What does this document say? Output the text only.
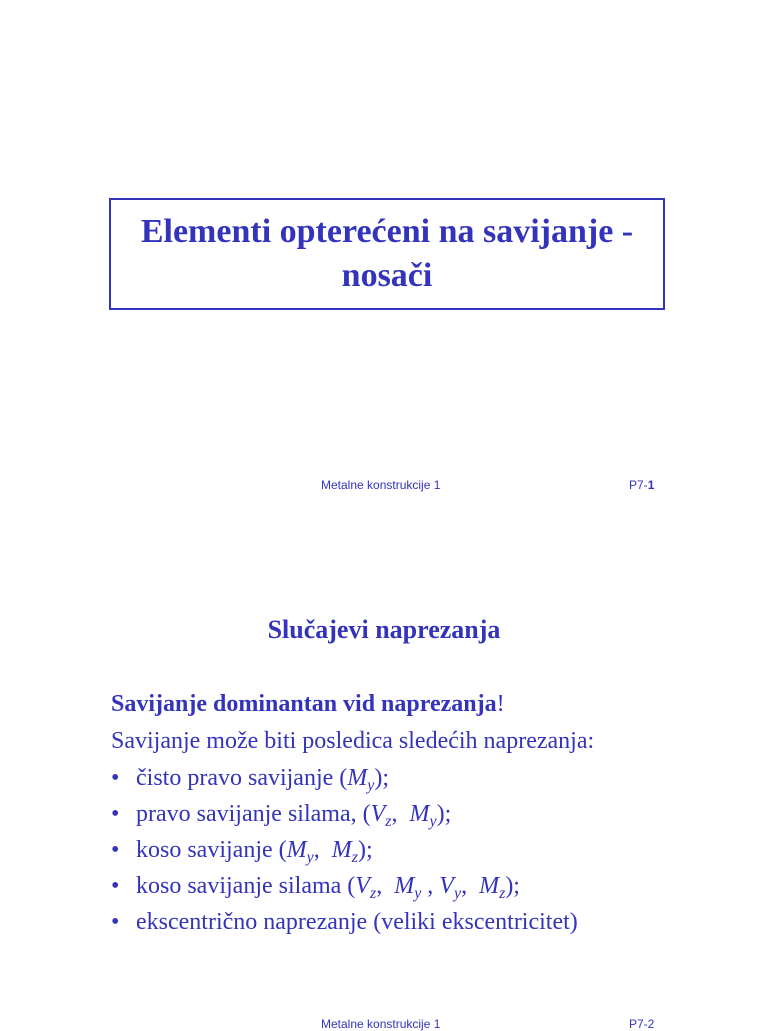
Elementi opterećeni na savijanje -
nosači
Metalne konstrukcije 1	P7-1
Slučajevi naprezanja
Savijanje dominantan vid naprezanja!
Savijanje može biti posledica sledećih naprezanja:
• čisto pravo savijanje $(M_y)$;
• pravo savijanje silama, ($V_z$,  $M_y$);
• koso savijanje ($M_y$,  $M_z$);
• koso savijanje silama ($V_z$,  $M_y$ , $V_y$,  $M_z$);
• ekscentrično naprezanje (veliki ekscentricitet)
Metalne konstrukcije 1	P7-2
